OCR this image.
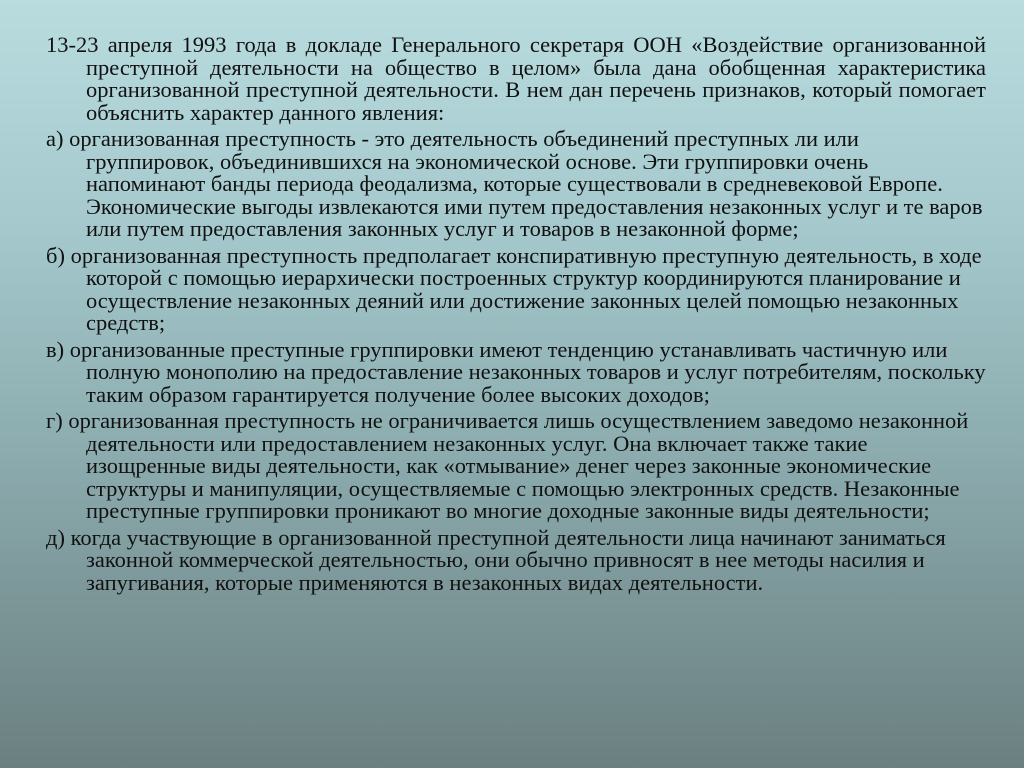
13-23 апреля 1993 года в докладе Генерального секретаря ООН «Воздействие организованной преступной деятельности на общество в целом» была дана обобщенная характеристика организованной преступной деятельности. В нем дан перечень признаков, который помогает объяснить характер данного явления:

а) организованная преступность - это деятельность объединений преступных ли или группировок, объединившихся на экономической основе. Эти группировки очень напоминают банды периода феодализма, которые существовали в средневековой Европе. Экономические выгоды извлекаются ими путем предоставления незаконных услуг и те варов или путем предоставления законных услуг и товаров в незаконной форме;

б) организованная преступность предполагает конспиративную преступную деятельность, в ходе которой с помощью иерархически построенных структур координируются планирование и осуществление незаконных деяний или достижение законных целей помощью незаконных средств;

в) организованные преступные группировки имеют тенденцию устанавливать частичную или полную монополию на предоставление незаконных товаров и услуг потребителям, поскольку таким образом гарантируется получение более высоких доходов;

г) организованная преступность не ограничивается лишь осуществлением заведомо незаконной деятельности или предоставлением незаконных услуг. Она включает также такие изощренные виды деятельности, как «отмывание» денег через законные экономические структуры и манипуляции, осуществляемые с помощью электронных средств. Незаконные преступные группировки проникают во многие доходные законные виды деятельности;

д) когда участвующие в организованной преступной деятельности лица начинают заниматься законной коммерческой деятельностью, они обычно привносят в нее методы насилия и запугивания, которые применяются в незаконных видах деятельности.
